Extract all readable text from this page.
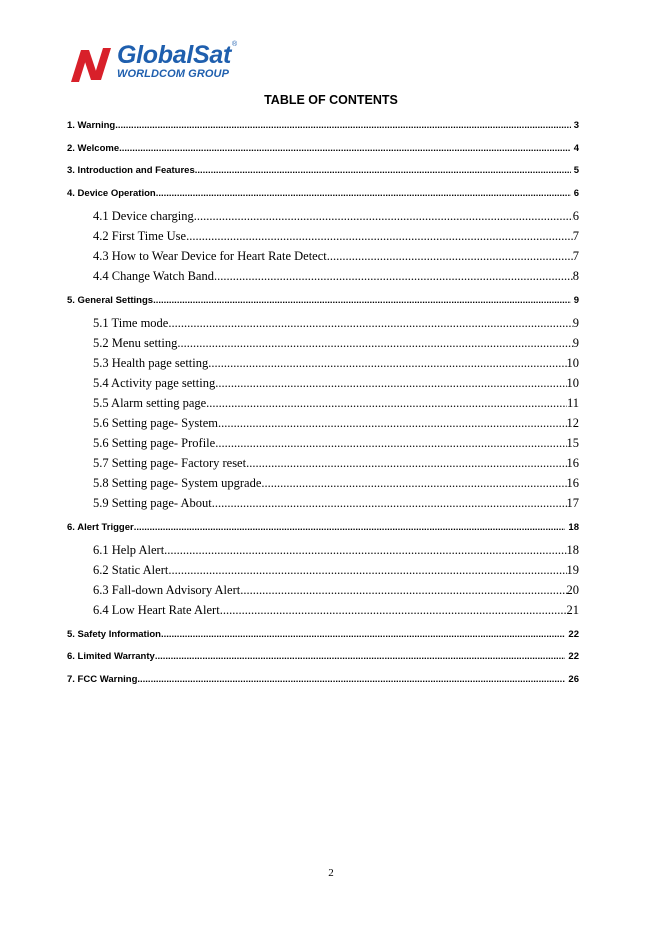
GlobalSat®
WORLDCOM GROUP
TABLE OF CONTENTS
1. Warning .....	3
2. Welcome .....	4
3. Introduction and Features .....	5
4. Device Operation .....	6
4.1 Device charging .....	6
4.2 First Time Use .....	7
4.3 How to Wear Device for Heart Rate Detect .....	7
4.4 Change Watch Band .....	8
5. General Settings .....	9
5.1 Time mode .....	9
5.2 Menu setting .....	9
5.3 Health page setting .....	10
5.4 Activity page setting .....	10
5.5 Alarm setting page .....	11
5.6 Setting page- System .....	12
5.6 Setting page- Profile .....	15
5.7 Setting page- Factory reset .....	16
5.8 Setting page- System upgrade .....	16
5.9 Setting page- About .....	17
6. Alert Trigger .....	18
6.1 Help Alert .....	18
6.2 Static Alert .....	19
6.3 Fall-down Advisory Alert .....	20
6.4 Low Heart Rate Alert .....	21
5. Safety Information .....	22
6. Limited Warranty .....	22
7. FCC Warning .....	26
2
